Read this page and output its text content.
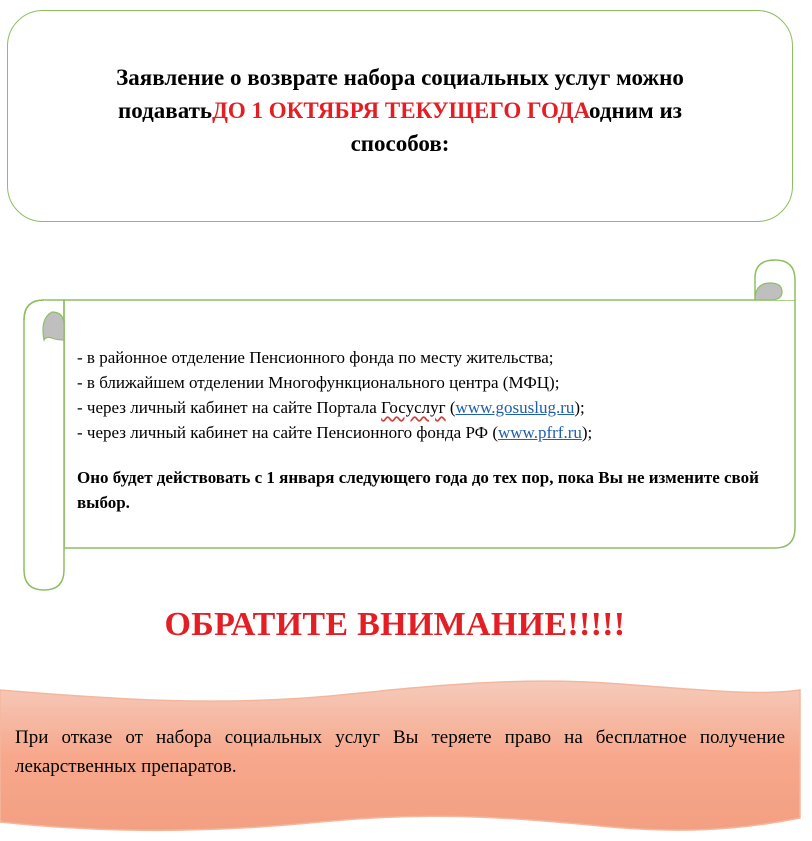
Заявление о возврате набора социальных услуг можно
подаватьДО 1 ОКТЯБРЯ ТЕКУЩЕГО ГОДАодним из
способов:
- в районное отделение Пенсионного фонда по месту жительства;
- в ближайшем отделении Многофункционального центра (МФЦ);
- через личный кабинет на сайте Портала Госуслуг (www.gosuslug.ru);
- через личный кабинет на сайте Пенсионного фонда РФ (www.pfrf.ru);
Оно будет действовать с 1 января следующего года до тех пор, пока Вы не измените свой выбор.
ОБРАТИТЕ ВНИМАНИЕ!!!!!
При отказе от набора социальных услуг Вы теряете право на бесплатное получение лекарственных препаратов.
